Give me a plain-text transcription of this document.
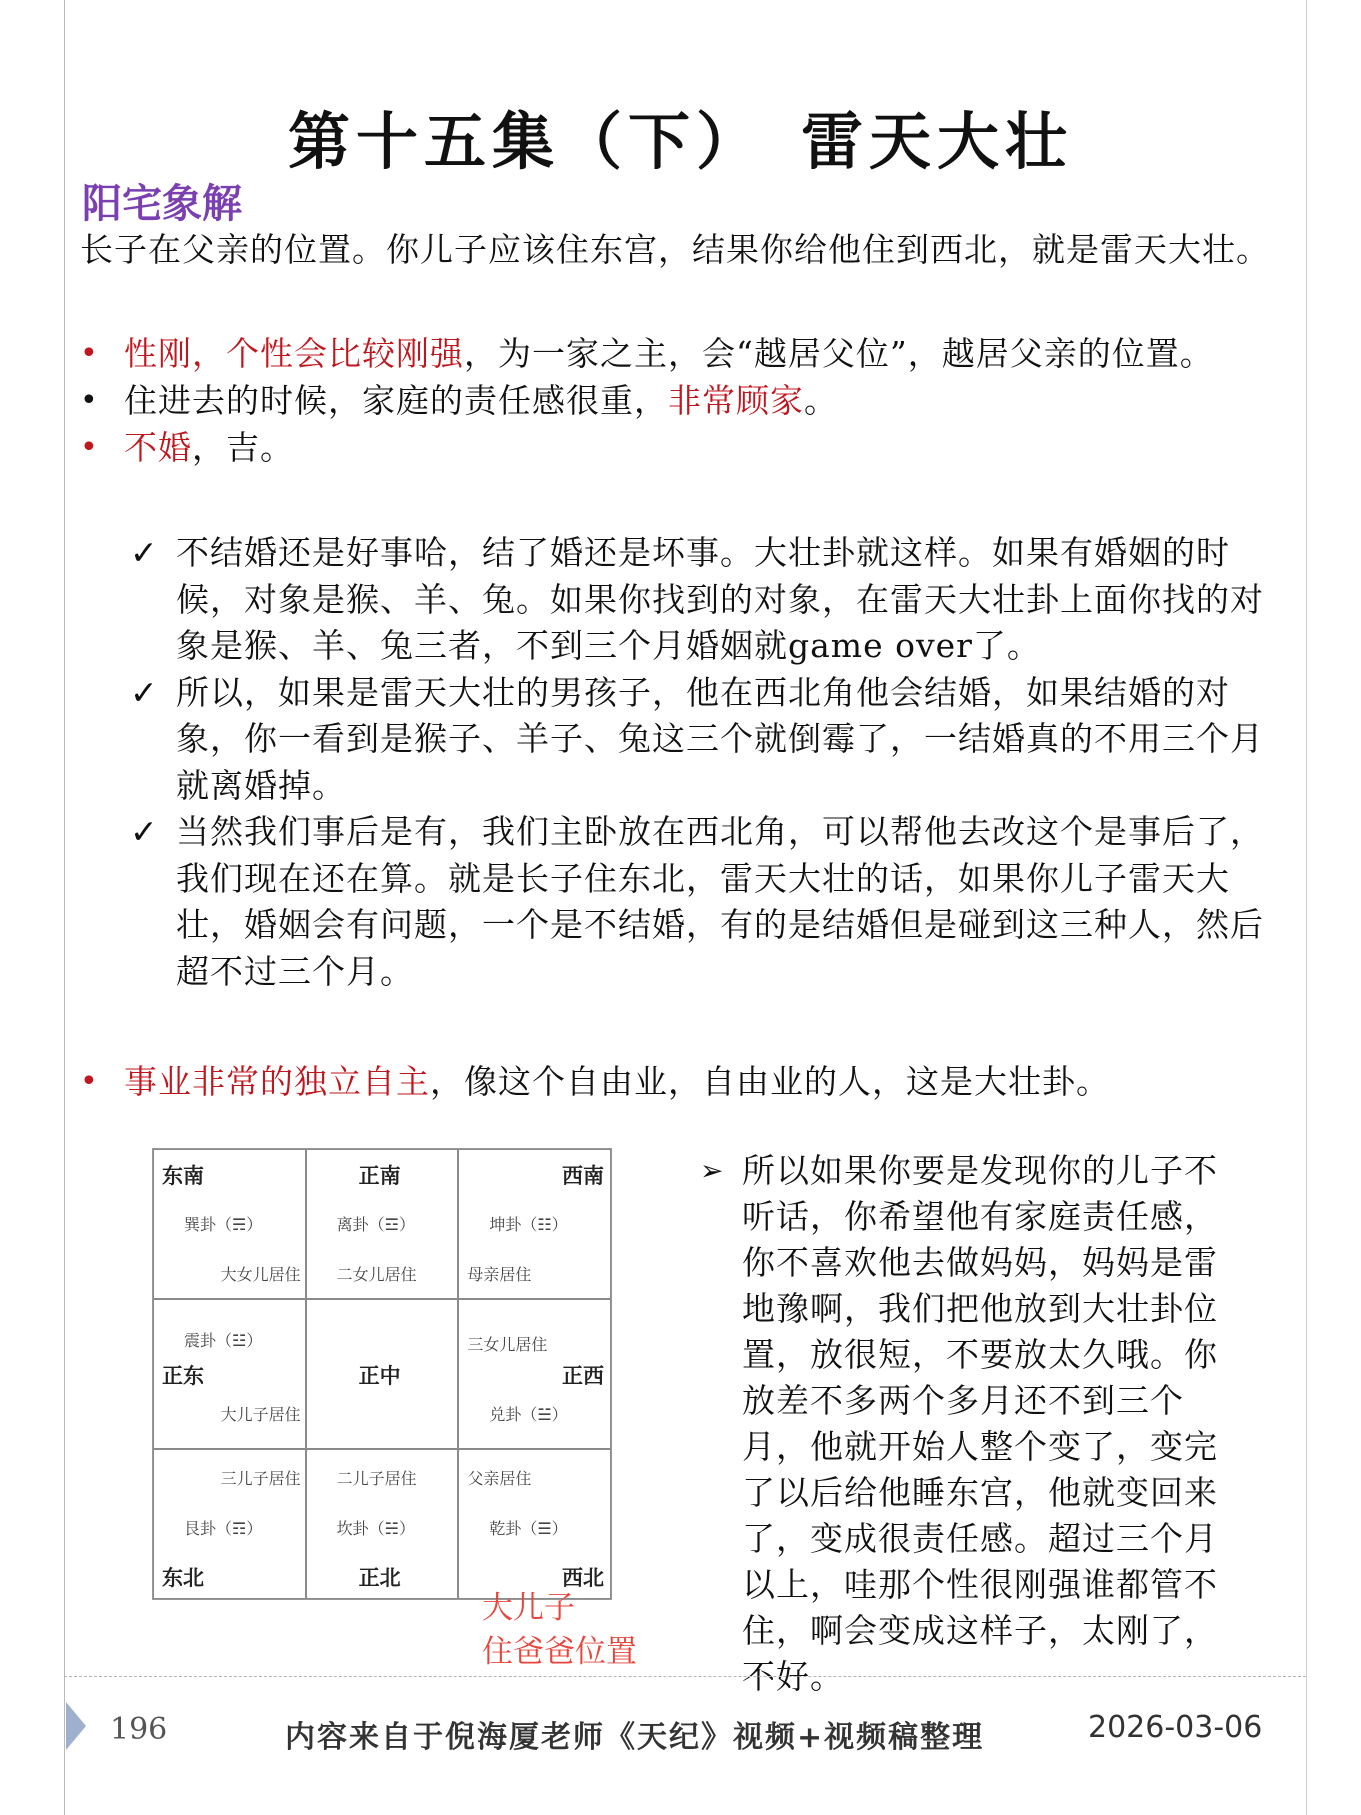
第十五集（下）　雷天大壮
阳宅象解
长子在父亲的位置。你儿子应该住东宫，结果你给他住到西北，就是雷天大壮。
• 性刚，个性会比较刚强，为一家之主，会“越居父位”，越居父亲的位置。
• 住进去的时候，家庭的责任感很重，非常顾家。
• 不婚，吉。
✓ 不结婚还是好事哈，结了婚还是坏事。大壮卦就这样。如果有婚姻的时候，对象是猴、羊、兔。如果你找到的对象，在雷天大壮卦上面你找的对象是猴、羊、兔三者，不到三个月婚姻就game over了。
✓ 所以，如果是雷天大壮的男孩子，他在西北角他会结婚，如果结婚的对象，你一看到是猴子、羊子、兔这三个就倒霉了，一结婚真的不用三个月就离婚掉。
✓ 当然我们事后是有，我们主卧放在西北角，可以帮他去改这个是事后了，我们现在还在算。就是长子住东北，雷天大壮的话，如果你儿子雷天大壮，婚姻会有问题，一个是不结婚，有的是结婚但是碰到这三种人，然后超不过三个月。
• 事业非常的独立自主，像这个自由业，自由业的人，这是大壮卦。
东南
巽卦（☴）
大女儿居住
正南
离卦（☲）
二女儿居住
西南
坤卦（☷）
母亲居住
震卦（☳）
正东
大儿子居住
正中
三女儿居住
正西
兑卦（☱）
三儿子居住
艮卦（☶）
东北
二儿子居住
坎卦（☵）
正北
父亲居住
乾卦（☰）
西北
大儿子
住爸爸位置
➢ 所以如果你要是发现你的儿子不听话，你希望他有家庭责任感，你不喜欢他去做妈妈，妈妈是雷地豫啊，我们把他放到大壮卦位置，放很短，不要放太久哦。你放差不多两个多月还不到三个月，他就开始人整个变了，变完了以后给他睡东宫，他就变回来了，变成很责任感。超过三个月以上，哇那个性很刚强谁都管不住，啊会变成这样子，太刚了，不好。
196	内容来自于倪海厦老师《天纪》视频+视频稿整理	2026-03-06
